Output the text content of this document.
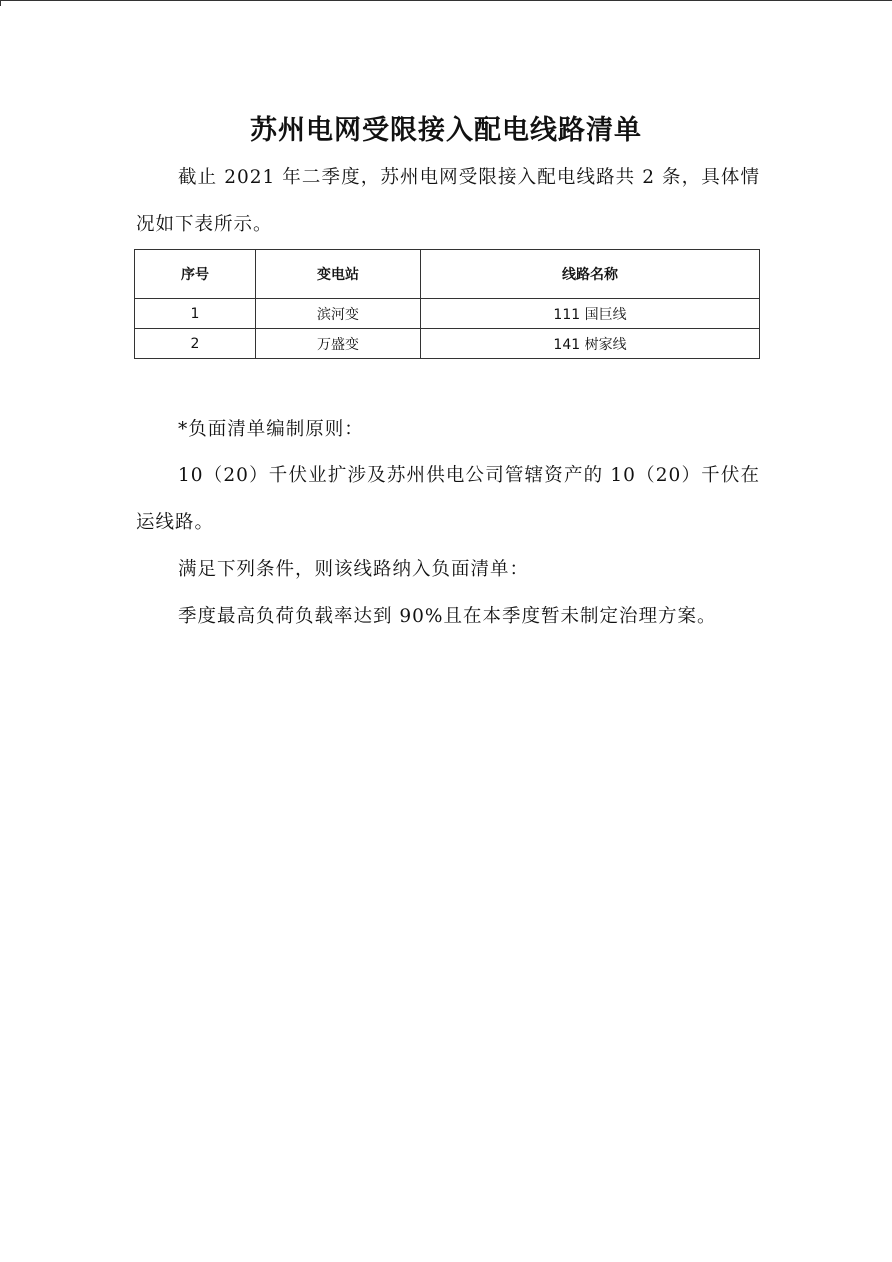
苏州电网受限接入配电线路清单
截止 2021 年二季度，苏州电网受限接入配电线路共 2 条，具体情况如下表所示。
序号	变电站	线路名称
1	滨河变	111 国巨线
2	万盛变	141 树家线
*负面清单编制原则：
10（20）千伏业扩涉及苏州供电公司管辖资产的 10（20）千伏在运线路。
满足下列条件，则该线路纳入负面清单：
季度最高负荷负载率达到 90%且在本季度暂未制定治理方案。
